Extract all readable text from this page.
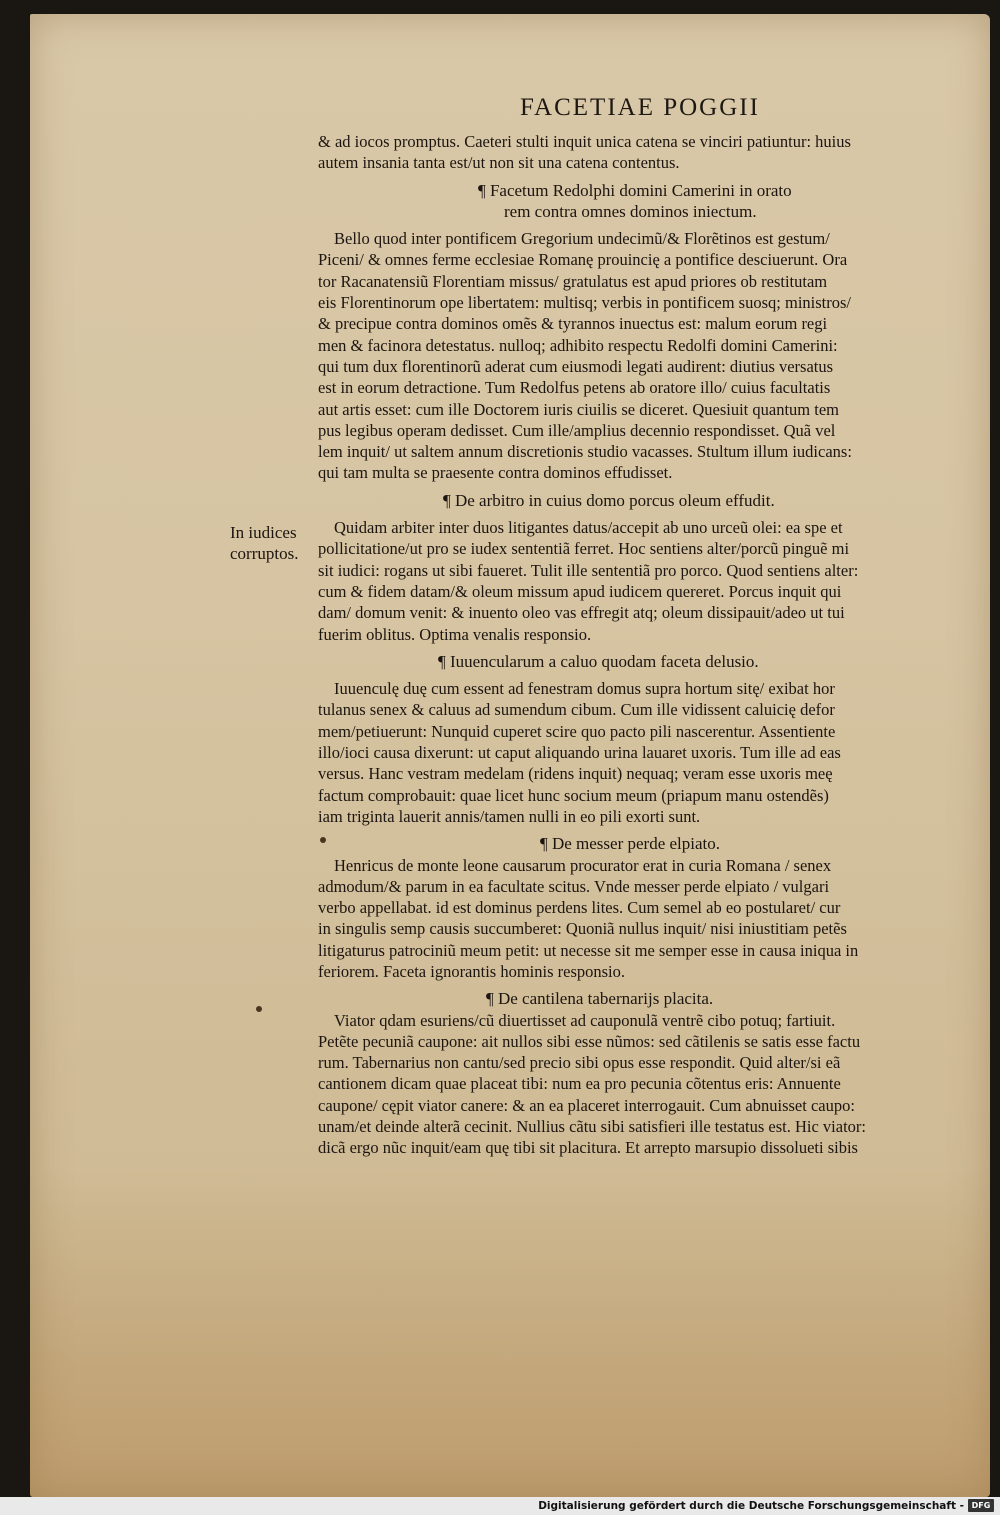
FACETIAE POGGII
& ad iocos promptus. Caeteri stulti inquit unica catena se vinciri patiuntur: huius
autem insania tanta est/ut non sit una catena contentus.
¶ Facetum Redolphi domini Camerini in orato
rem contra omnes dominos iniectum.
Bello quod inter pontificem Gregorium undecimũ/& Florẽtinos est gestum/
Piceni/ & omnes ferme ecclesiae Romanę prouincię a pontifice desciuerunt. Ora
tor Racanatensiũ Florentiam missus/ gratulatus est apud priores ob restitutam
eis Florentinorum ope libertatem: multisq; verbis in pontificem suosq; ministros/
& precipue contra dominos omẽs & tyrannos inuectus est: malum eorum regi
men & facinora detestatus. nulloq; adhibito respectu Redolfi domini Camerini:
qui tum dux florentinorũ aderat cum eiusmodi legati audirent: diutius versatus
est in eorum detractione. Tum Redolfus petens ab oratore illo/ cuius facultatis
aut artis esset: cum ille Doctorem iuris ciuilis se diceret. Quesiuit quantum tem
pus legibus operam dedisset. Cum ille/amplius decennio respondisset. Quã vel
lem inquit/ ut saltem annum discretionis studio vacasses. Stultum illum iudicans:
qui tam multa se praesente contra dominos effudisset.
¶ De arbitro in cuius domo porcus oleum effudit.
Quidam arbiter inter duos litigantes datus/accepit ab uno urceũ olei: ea spe et
pollicitatione/ut pro se iudex sententiã ferret. Hoc sentiens alter/porcũ pinguẽ mi
sit iudici: rogans ut sibi faueret. Tulit ille sententiã pro porco. Quod sentiens alter:
cum & fidem datam/& oleum missum apud iudicem quereret. Porcus inquit qui
dam/ domum venit: & inuento oleo vas effregit atq; oleum dissipauit/adeo ut tui
fuerim oblitus. Optima venalis responsio.
¶ Iuuencularum a caluo quodam faceta delusio.
Iuuenculę duę cum essent ad fenestram domus supra hortum sitę/ exibat hor
tulanus senex & caluus ad sumendum cibum. Cum ille vidissent caluicię defor
mem/petiuerunt: Nunquid cuperet scire quo pacto pili nascerentur. Assentiente
illo/ioci causa dixerunt: ut caput aliquando urina lauaret uxoris. Tum ille ad eas
versus. Hanc vestram medelam (ridens inquit) nequaq; veram esse uxoris meę
factum comprobauit: quae licet hunc socium meum (priapum manu ostendẽs)
iam triginta lauerit annis/tamen nulli in eo pili exorti sunt.
¶ De messer perde elpiato.
Henricus de monte leone causarum procurator erat in curia Romana / senex
admodum/& parum in ea facultate scitus. Vnde messer perde elpiato / vulgari
verbo appellabat. id est dominus perdens lites. Cum semel ab eo postularet/ cur
in singulis semp causis succumberet: Quoniã nullus inquit/ nisi iniustitiam petẽs
litigaturus patrociniũ meum petit: ut necesse sit me semper esse in causa iniqua in
feriorem. Faceta ignorantis hominis responsio.
¶ De cantilena tabernarijs placita.
Viator qdam esuriens/cũ diuertisset ad cauponulã ventrẽ cibo potuq; fartiuit.
Petẽte pecuniã caupone: ait nullos sibi esse nũmos: sed cãtilenis se satis esse factu
rum. Tabernarius non cantu/sed precio sibi opus esse respondit. Quid alter/si eã
cantionem dicam quae placeat tibi: num ea pro pecunia cõtentus eris: Annuente
caupone/ cępit viator canere: & an ea placeret interrogauit. Cum abnuisset caupo:
unam/et deinde alterã cecinit. Nullius cãtu sibi satisfieri ille testatus est. Hic viator:
dicã ergo nũc inquit/eam quę tibi sit placitura. Et arrepto marsupio dissolueti sibis
In iudices
corruptos.
Digitalisierung gefördert durch die Deutsche Forschungsgemeinschaft - DFG
